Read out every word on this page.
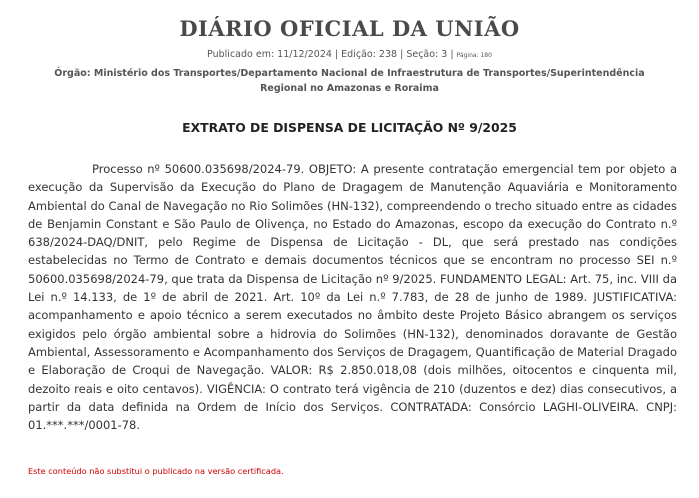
DIÁRIO OFICIAL DA UNIÃO
Publicado em: 11/12/2024 | Edição: 238 | Seção: 3 | Página: 180
Órgão: Ministério dos Transportes/Departamento Nacional de Infraestrutura de Transportes/Superintendência Regional no Amazonas e Roraima
EXTRATO DE DISPENSA DE LICITAÇÃO Nº 9/2025

Processo nº 50600.035698/2024-79. OBJETO: A presente contratação emergencial tem por objeto a execução da Supervisão da Execução do Plano de Dragagem de Manutenção Aquaviária e Monitoramento Ambiental do Canal de Navegação no Rio Solimões (HN-132), compreendendo o trecho situado entre as cidades de Benjamin Constant e São Paulo de Olivença, no Estado do Amazonas, escopo da execução do Contrato n.º 638/2024-DAQ/DNIT, pelo Regime de Dispensa de Licitação - DL, que será prestado nas condições estabelecidas no Termo de Contrato e demais documentos técnicos que se encontram no processo SEI n.º 50600.035698/2024-79, que trata da Dispensa de Licitação nº 9/2025. FUNDAMENTO LEGAL: Art. 75, inc. VIII da Lei n.º 14.133, de 1º de abril de 2021. Art. 10º da Lei n.º 7.783, de 28 de junho de 1989. JUSTIFICATIVA: acompanhamento e apoio técnico a serem executados no âmbito deste Projeto Básico abrangem os serviços exigidos pelo órgão ambiental sobre a hidrovia do Solimões (HN-132), denominados doravante de Gestão Ambiental, Assessoramento e Acompanhamento dos Serviços de Dragagem, Quantificação de Material Dragado e Elaboração de Croqui de Navegação. VALOR: R$ 2.850.018,08 (dois milhões, oitocentos e cinquenta mil, dezoito reais e oito centavos). VIGÊNCIA: O contrato terá vigência de 210 (duzentos e dez) dias consecutivos, a partir da data definida na Ordem de Início dos Serviços. CONTRATADA: Consórcio LAGHI-OLIVEIRA. CNPJ: 01.***.***/0001-78.

Este conteúdo não substitui o publicado na versão certificada.
